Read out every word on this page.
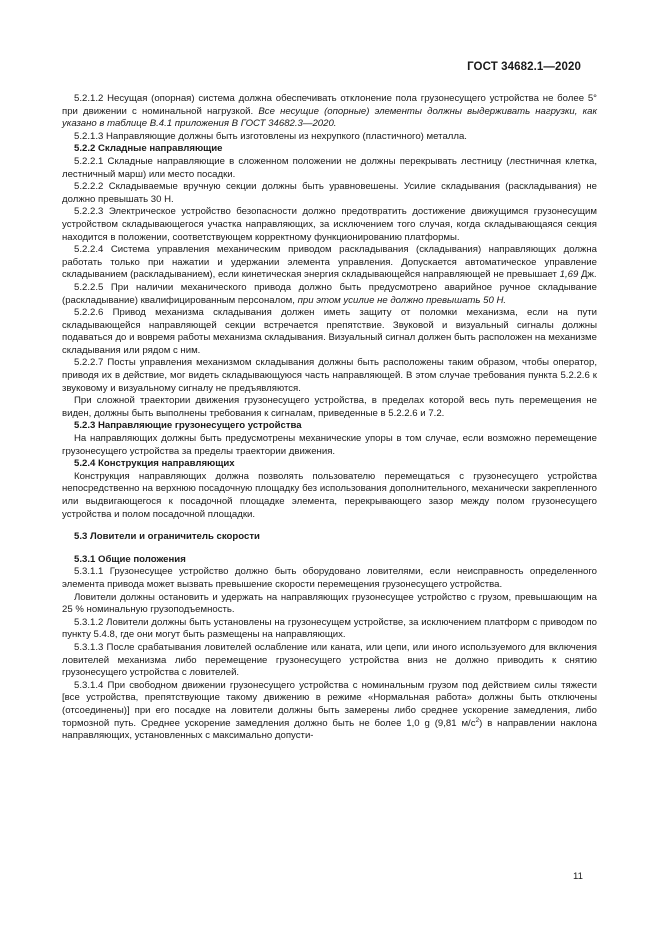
ГОСТ 34682.1—2020

5.2.1.2 Несущая (опорная) система должна обеспечивать отклонение пола грузонесущего устройства не более 5° при движении с номинальной нагрузкой. Все несущие (опорные) элементы должны выдерживать нагрузки, как указано в таблице B.4.1 приложения В ГОСТ 34682.3—2020.

5.2.1.3 Направляющие должны быть изготовлены из нехрупкого (пластичного) металла.

5.2.2 Складные направляющие

5.2.2.1 Складные направляющие в сложенном положении не должны перекрывать лестницу (лестничная клетка, лестничный марш) или место посадки.

5.2.2.2 Складываемые вручную секции должны быть уравновешены. Усилие складывания (раскладывания) не должно превышать 30 Н.

5.2.2.3 Электрическое устройство безопасности должно предотвратить достижение движущимся грузонесущим устройством складывающегося участка направляющих, за исключением того случая, когда складывающаяся секция находится в положении, соответствующем корректному функционированию платформы.

5.2.2.4 Система управления механическим приводом раскладывания (складывания) направляющих должна работать только при нажатии и удержании элемента управления. Допускается автоматическое управление складыванием (раскладыванием), если кинетическая энергия складывающейся направляющей не превышает 1,69 Дж.

5.2.2.5 При наличии механического привода должно быть предусмотрено аварийное ручное складывание (раскладывание) квалифицированным персоналом, при этом усилие не должно превышать 50 Н.

5.2.2.6 Привод механизма складывания должен иметь защиту от поломки механизма, если на пути складывающейся направляющей секции встречается препятствие. Звуковой и визуальный сигналы должны подаваться до и вовремя работы механизма складывания. Визуальный сигнал должен быть расположен на механизме складывания или рядом с ним.

5.2.2.7 Посты управления механизмом складывания должны быть расположены таким образом, чтобы оператор, приводя их в действие, мог видеть складывающуюся часть направляющей. В этом случае требования пункта 5.2.2.6 к звуковому и визуальному сигналу не предъявляются.

При сложной траектории движения грузонесущего устройства, в пределах которой весь путь перемещения не виден, должны быть выполнены требования к сигналам, приведенные в 5.2.2.6 и 7.2.

5.2.3 Направляющие грузонесущего устройства

На направляющих должны быть предусмотрены механические упоры в том случае, если возможно перемещение грузонесущего устройства за пределы траектории движения.

5.2.4 Конструкция направляющих

Конструкция направляющих должна позволять пользователю перемещаться с грузонесущего устройства непосредственно на верхнюю посадочную площадку без использования дополнительного, механически закрепленного или выдвигающегося к посадочной площадке элемента, перекрывающего зазор между полом грузонесущего устройства и полом посадочной площадки.

5.3 Ловители и ограничитель скорости

5.3.1 Общие положения

5.3.1.1 Грузонесущее устройство должно быть оборудовано ловителями, если неисправность определенного элемента привода может вызвать превышение скорости перемещения грузонесущего устройства.

Ловители должны остановить и удержать на направляющих грузонесущее устройство с грузом, превышающим на 25 % номинальную грузоподъемность.

5.3.1.2 Ловители должны быть установлены на грузонесущем устройстве, за исключением платформ с приводом по пункту 5.4.8, где они могут быть размещены на направляющих.

5.3.1.3 После срабатывания ловителей ослабление или каната, или цепи, или иного используемого для включения ловителей механизма либо перемещение грузонесущего устройства вниз не должно приводить к снятию грузонесущего устройства с ловителей.

5.3.1.4 При свободном движении грузонесущего устройства с номинальным грузом под действием силы тяжести [все устройства, препятствующие такому движению в режиме «Нормальная работа» должны быть отключены (отсоединены)] при его посадке на ловители должны быть замерены либо среднее ускорение замедления, либо тормозной путь. Среднее ускорение замедления должно быть не более 1,0 g (9,81 $м/с^2$) в направлении наклона направляющих, установленных с максимально допусти-

11
